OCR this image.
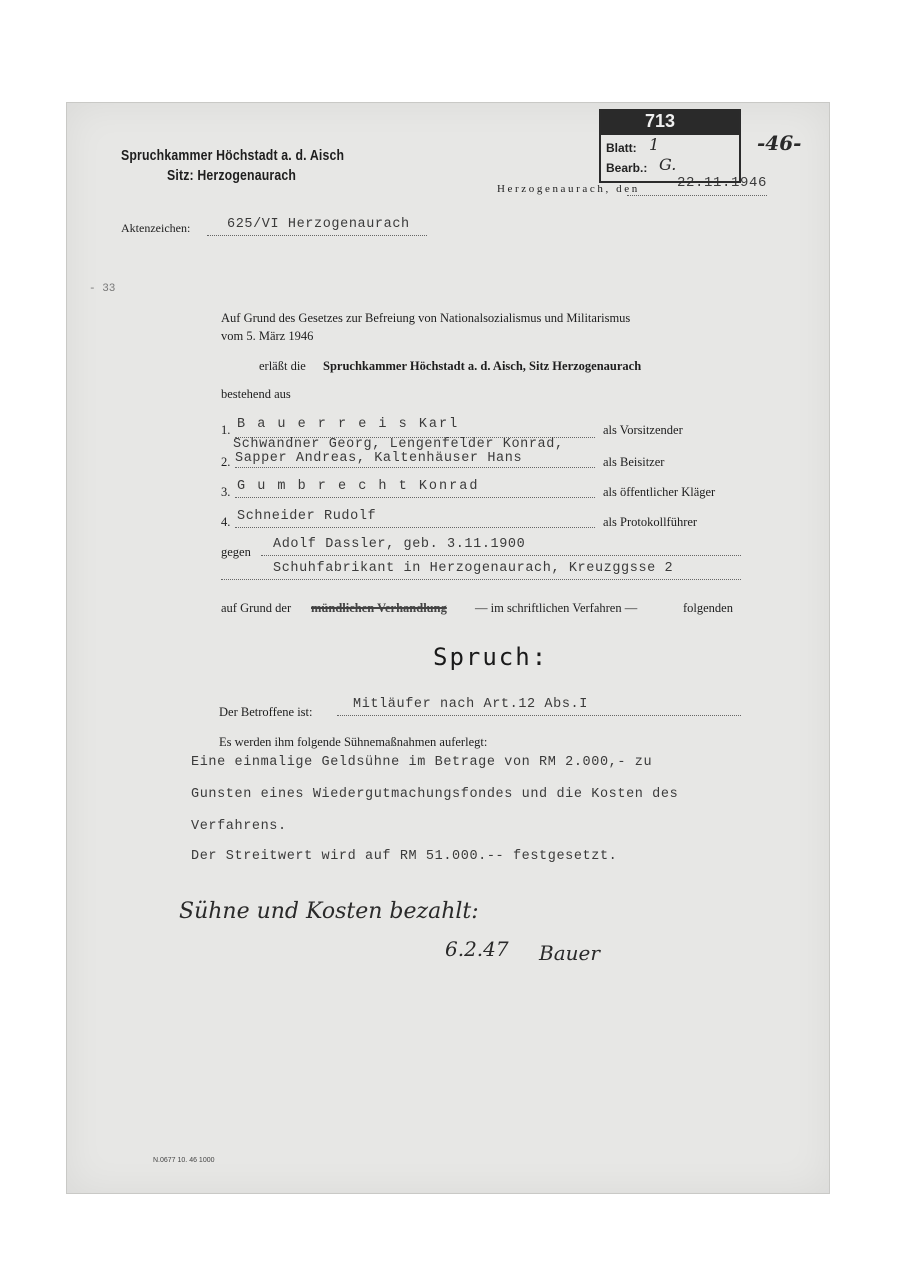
Spruchkammer Höchstadt a. d. Aisch
Sitz: Herzogenaurach
Herzogenaurach, den	22.11.1946
-46-
713
Blatt: 1
Bearb.: G.
Aktenzeichen:	625/VI Herzogenaurach
- 33
Auf Grund des Gesetzes zur Befreiung von Nationalsozialismus und Militarismus
vom 5. März 1946
erläßt die Spruchkammer Höchstadt a. d. Aisch, Sitz Herzogenaurach
bestehend aus
1. B a u e r r e i s Karl	als Vorsitzender
Schwandner Georg, Lengenfelder Konrad,
2. Sapper Andreas, Kaltenhäuser Hans	als Beisitzer
3. G u m b r e c h t Konrad	als öffentlicher Kläger
4. Schneider Rudolf	als Protokollführer
gegen Adolf Dassler, geb. 3.11.1900
Schuhfabrikant in Herzogenaurach, Kreuzggsse 2
auf Grund der mündlichen Verhandlung — im schriftlichen Verfahren —	folgenden
Spruch:
Der Betroffene ist:	Mitläufer nach Art.12 Abs.I
Es werden ihm folgende Sühnemaßnahmen auferlegt:
Eine einmalige Geldsühne im Betrage von RM 2.000,- zu
Gunsten eines Wiedergutmachungsfondes und die Kosten des
Verfahrens.
Der Streitwert wird auf RM 51.000.-- festgesetzt.
Sühne und Kosten bezahlt:
6.2.47 Bauer
N.0677 10. 46 1000
